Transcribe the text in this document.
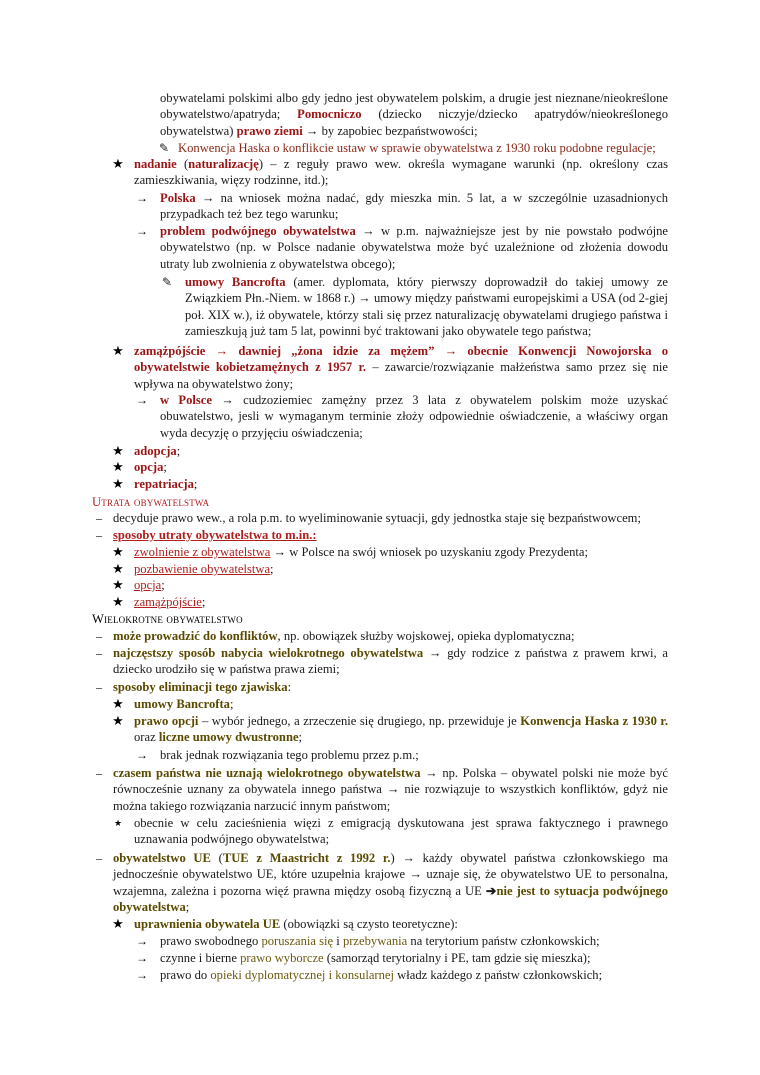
obywatelami polskimi albo gdy jedno jest obywatelem polskim, a drugie jest nieznane/nieokreślone obywatelstwo/apatryda; Pomocniczo (dziecko niczyje/dziecko apatrydów/nieokreślonego obywatelstwa) prawo ziemi → by zapobiec bezpaństwowości;
✎ Konwencja Haska o konflikcie ustaw w sprawie obywatelstwa z 1930 roku podobne regulacje;
★ nadanie (naturalizację) – z reguły prawo wew. określa wymagane warunki (np. określony czas zamieszkiwania, więzy rodzinne, itd.);
→ Polska → na wniosek można nadać, gdy mieszka min. 5 lat, a w szczególnie uzasadnionych przypadkach też bez tego warunku;
→ problem podwójnego obywatelstwa → w p.m. najważniejsze jest by nie powstało podwójne obywatelstwo (np. w Polsce nadanie obywatelstwa może być uzależnione od złożenia dowodu utraty lub zwolnienia z obywatelstwa obcego);
✎ umowy Bancrofta (amer. dyplomata, który pierwszy doprowadził do takiej umowy ze Związkiem Płn.-Niem. w 1868 r.) → umowy między państwami europejskimi a USA (od 2-giej poł. XIX w.), iż obywatele, którzy stali się przez naturalizację obywatelami drugiego państwa i zamieszkują już tam 5 lat, powinni być traktowani jako obywatele tego państwa;
★ zamążpójście → dawniej „żona idzie za mężem” → obecnie Konwencji Nowojorska o obywatelstwie kobietzamężnych z 1957 r. – zawarcie/rozwiązanie małżeństwa samo przez się nie wpływa na obywatelstwo żony;
→ w Polsce → cudzoziemiec zamężny przez 3 lata z obywatelem polskim może uzyskać obuwatelstwo, jesli w wymaganym terminie złoży odpowiednie oświadczenie, a właściwy organ wyda decyzję o przyjęciu oświadczenia;
★ adopcja;
★ opcja;
★ repatriacja;
Utrata obywatelstwa
– decyduje prawo wew., a rola p.m. to wyeliminowanie sytuacji, gdy jednostka staje się bezpaństwowcem;
– sposoby utraty obywatelstwa to m.in.:
★ zwolnienie z obywatelstwa → w Polsce na swój wniosek po uzyskaniu zgody Prezydenta;
★ pozbawienie obywatelstwa;
★ opcja;
★ zamążpójście;
Wielokrotne obywatelstwo
– może prowadzić do konfliktów, np. obowiązek służby wojskowej, opieka dyplomatyczna;
– najczęstszy sposób nabycia wielokrotnego obywatelstwa → gdy rodzice z państwa z prawem krwi, a dziecko urodziło się w państwa prawa ziemi;
– sposoby eliminacji tego zjawiska:
★ umowy Bancrofta;
★ prawo opcji – wybór jednego, a zrzeczenie się drugiego, np. przewiduje je Konwencja Haska z 1930 r. oraz liczne umowy dwustronne;
→ brak jednak rozwiązania tego problemu przez p.m.;
– czasem państwa nie uznają wielokrotnego obywatelstwa → np. Polska – obywatel polski nie może być równocześnie uznany za obywatela innego państwa → nie rozwiązuje to wszystkich konfliktów, gdyż nie można takiego rozwiązania narzucić innym państwom;
★ obecnie w celu zacieśnienia więzi z emigracją dyskutowana jest sprawa faktycznego i prawnego uznawania podwójnego obywatelstwa;
– obywatelstwo UE (TUE z Maastricht z 1992 r.) → każdy obywatel państwa członkowskiego ma jednocześnie obywatelstwo UE, które uzupełnia krajowe → uznaje się, że obywatelstwo UE to personalna, wzajemna, zależna i pozorna więź prawna między osobą fizyczną a UE ➔nie jest to sytuacja podwójnego obywatelstwa;
★ uprawnienia obywatela UE (obowiązki są czysto teoretyczne):
→ prawo swobodnego poruszania się i przebywania na terytorium państw członkowskich;
→ czynne i bierne prawo wyborcze (samorząd terytorialny i PE, tam gdzie się mieszka);
→ prawo do opieki dyplomatycznej i konsularnej władz każdego z państw członkowskich;
